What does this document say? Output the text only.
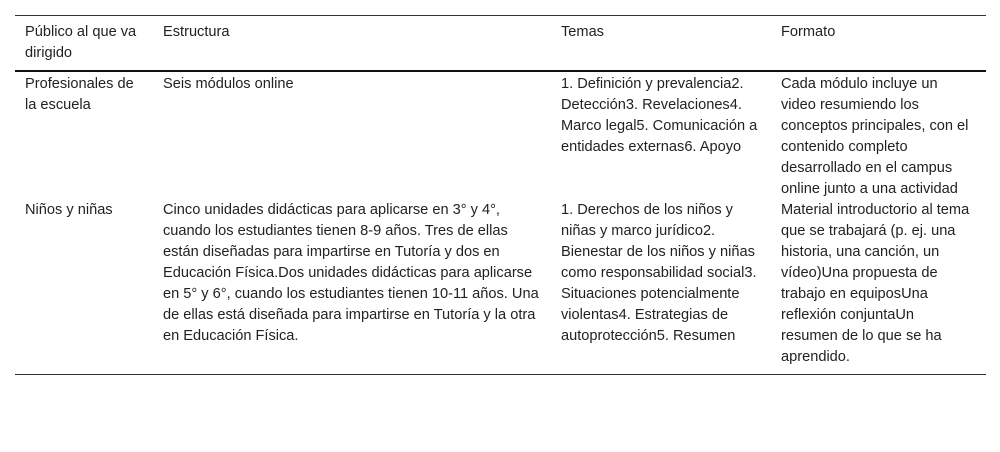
Público al que va dirigido	Estructura	Temas	Formato
Profesionales de la escuela	Seis módulos online	1. Definición y prevalencia2. Detección3. Revelaciones4. Marco legal5. Comunicación a entidades externas6. Apoyo	Cada módulo incluye un video resumiendo los conceptos principales, con el contenido completo desarrollado en el campus online junto a una actividad
Niños y niñas	Cinco unidades didácticas para aplicarse en 3° y 4°, cuando los estudiantes tienen 8-9 años. Tres de ellas están diseñadas para impartirse en Tutoría y dos en Educación Física.Dos unidades didácticas para aplicarse en 5° y 6°, cuando los estudiantes tienen 10-11 años. Una de ellas está diseñada para impartirse en Tutoría y la otra en Educación Física.	1. Derechos de los niños y niñas y marco jurídico2. Bienestar de los niños y niñas como responsabilidad social3. Situaciones potencialmente violentas4. Estrategias de autoprotección5. Resumen	Material introductorio al tema que se trabajará (p. ej. una historia, una canción, un vídeo)Una propuesta de trabajo en equiposUna reflexión conjuntaUn resumen de lo que se ha aprendido.
